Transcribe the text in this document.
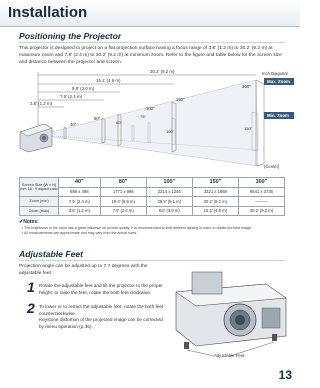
Installation
Positioning the Projector
This projector is designed to project on a flat projection surface having a focus range of 3.8' (1.2 m) to 30.2' (9.2 m) at
maximum zoom and 7.9' (2.4 m) to 30.2' (9.2 m) at minimum zoom. Refer to the figure and table below for the screen size
and distance between the projector and screen.
30.2' (9.2 m)
15.1' (4.6 m)
9.8' (3.0 m)
7.9' (2.4 m)
3.8' (1.2 m)
300"
150"
100"
80"
40"
150"
100"
75"
60"
Inch Diagonal
Max. Zoom
Min. Zoom
(Center)
Screen Size (W x H) mm 16 : 9 aspect ratio	40"	80"	100"	150"	300"
	886 x 498	1771 x 996	2214 x 1245	3321 x 1868	6641 x 3736
Zoom (min)	7.9' (2.4 m)	19.4' (5.9 m)	29.9' (9.1 m)	30.2' (9.2 m)	———
Zoom (max)	3.8' (1.2 m)	7.9' (2.4 m)	9.8' (3.0 m)	15.1' (4.6 m)	30.2' (9.2 m)
✔Notes:
• The brightness in the room has a great influence on picture quality. It is recommended to limit ambient lighting in order to obtain the best image.
• All measurements are approximate and may vary from the actual sizes.
Adjustable Feet
Projection angle can be adjusted up to 7.7 degrees with the
adjustable feet.
1 Rotate the adjustable feet and tilt the projector to the proper
height; to raise the feet, rotate the both feet clockwise.
2 To lower or to retract the adjustable feet, rotate the both feet
counterclockwise.
Keystone distortion of the projected image can be corrected
by menu operation (p.36).
Adjustable Feet
13
